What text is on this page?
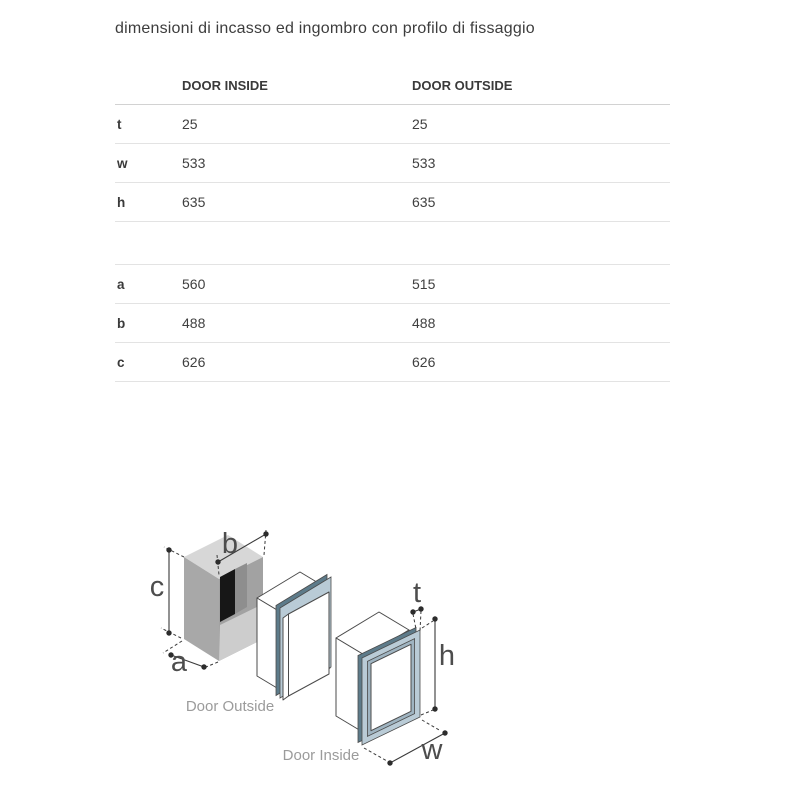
dimensioni di incasso ed ingombro con profilo di fissaggio
DOOR INSIDE	DOOR OUTSIDE
t	25	25
w	533	533
h	635	635
a	560	515
b	488	488
c	626	626
c
b
a
t
h
w
Door Outside
Door Inside
